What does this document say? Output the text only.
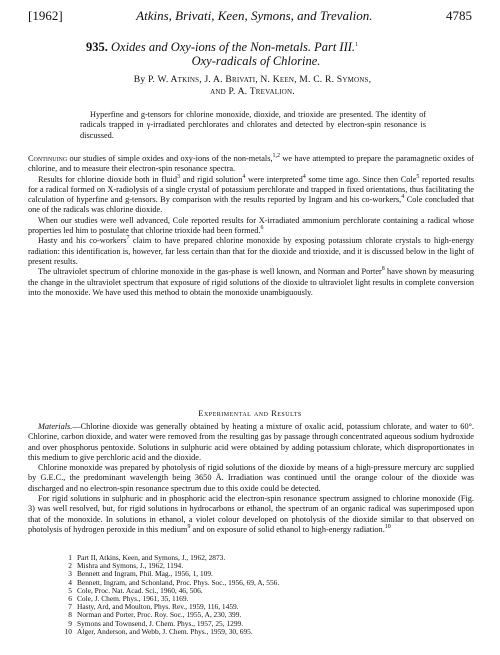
[1962]	Atkins, Brivati, Keen, Symons, and Trevalion.	4785
935. Oxides and Oxy-ions of the Non-metals. Part III.$^1$
Oxy-radicals of Chlorine.
By P. W. Atkins, J. A. Brivati, N. Keen, M. C. R. Symons,
and P. A. Trevalion.
Hyperfine and g-tensors for chlorine monoxide, dioxide, and trioxide are presented. The identity of radicals trapped in γ-irradiated perchlorates and chlorates and detected by electron-spin resonance is discussed.

Continuing our studies of simple oxides and oxy-ions of the non-metals,$^{1,2}$ we have attempted to prepare the paramagnetic oxides of chlorine, and to measure their electron-spin resonance spectra.

Results for chlorine dioxide both in fluid$^3$ and rigid solution$^4$ were interpreted$^4$ some time ago. Since then Cole$^5$ reported results for a radical formed on X-radiolysis of a single crystal of potassium perchlorate and trapped in fixed orientations, thus facilitating the calculation of hyperfine and g-tensors. By comparison with the results reported by Ingram and his co-workers,$^4$ Cole concluded that one of the radicals was chlorine dioxide.

When our studies were well advanced, Cole reported results for X-irradiated ammonium perchlorate containing a radical whose properties led him to postulate that chlorine trioxide had been formed.$^6$

Hasty and his co-workers$^7$ claim to have prepared chlorine monoxide by exposing potassium chlorate crystals to high-energy radiation: this identification is, however, far less certain than that for the dioxide and trioxide, and it is discussed below in the light of present results.

The ultraviolet spectrum of chlorine monoxide in the gas-phase is well known, and Norman and Porter$^8$ have shown by measuring the change in the ultraviolet spectrum that exposure of rigid solutions of the dioxide to ultraviolet light results in complete conversion into the monoxide. We have used this method to obtain the monoxide unambiguously.

Experimental and Results

Materials.—Chlorine dioxide was generally obtained by heating a mixture of oxalic acid, potassium chlorate, and water to 60°. Chlorine, carbon dioxide, and water were removed from the resulting gas by passage through concentrated aqueous sodium hydroxide and over phosphorus pentoxide. Solutions in sulphuric acid were obtained by adding potassium chlorate, which disproportionates in this medium to give perchloric acid and the dioxide.

Chlorine monoxide was prepared by photolysis of rigid solutions of the dioxide by means of a high-pressure mercury arc supplied by G.E.C., the predominant wavelength being 3650 Å. Irradiation was continued until the orange colour of the dioxide was discharged and no electron-spin resonance spectrum due to this oxide could be detected.

For rigid solutions in sulphuric and in phosphoric acid the electron-spin resonance spectrum assigned to chlorine monoxide (Fig. 3) was well resolved, but, for rigid solutions in hydrocarbons or ethanol, the spectrum of an organic radical was superimposed upon that of the monoxide. In solutions in ethanol, a violet colour developed on photolysis of the dioxide similar to that observed on photolysis of hydrogen peroxide in this medium$^9$ and on exposure of solid ethanol to high-energy radiation.$^{10}$

1 Part II, Atkins, Keen, and Symons, J., 1962, 2873.
2 Mishra and Symons, J., 1962, 1194.
3 Bennett and Ingram, Phil. Mag., 1956, 1, 109.
4 Bennett, Ingram, and Schonland, Proc. Phys. Soc., 1956, 69, A, 556.
5 Cole, Proc. Nat. Acad. Sci., 1960, 46, 506.
6 Cole, J. Chem. Phys., 1961, 35, 1169.
7 Hasty, Ard, and Moulton, Phys. Rev., 1959, 116, 1459.
8 Norman and Porter, Proc. Roy. Soc., 1955, A, 230, 399.
9 Symons and Townsend, J. Chem. Phys., 1957, 25, 1299.
10 Alger, Anderson, and Webb, J. Chem. Phys., 1959, 30, 695.
